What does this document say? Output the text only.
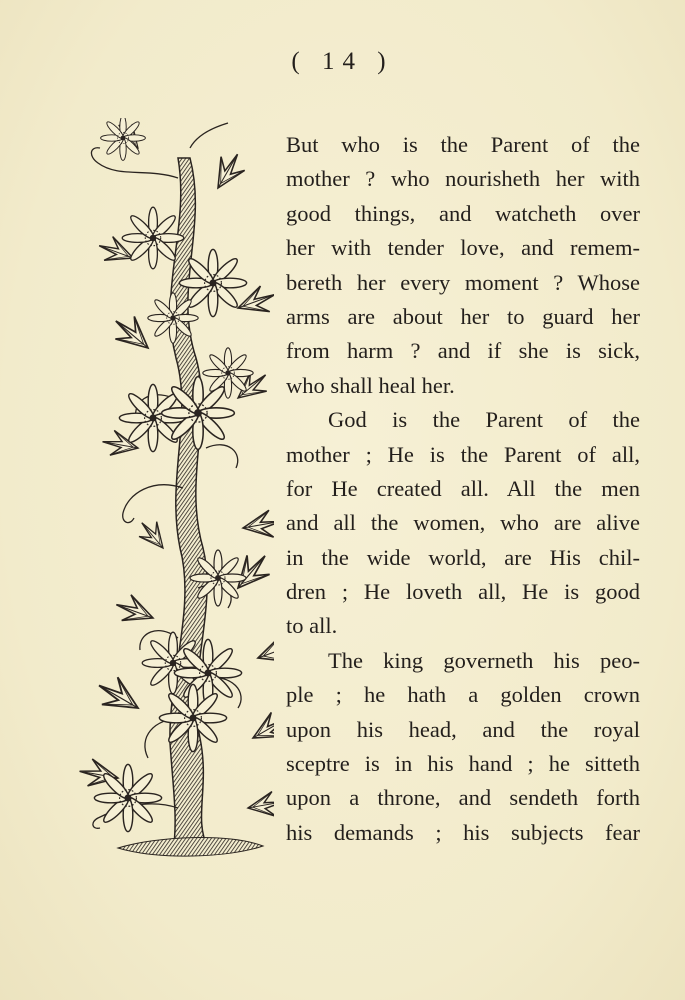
( 14 )

But who is the Parent of the
mother ? who nourisheth her with
good things, and watcheth over
her with tender love, and remem-
bereth her every moment ? Whose
arms are about her to guard her
from harm ? and if she is sick,
who shall heal her.

God is the Parent of the
mother ; He is the Parent of all,
for He created all. All the men
and all the women, who are alive
in the wide world, are His chil-
dren ; He loveth all, He is good
to all.

The king governeth his peo-
ple ; he hath a golden crown
upon his head, and the royal
sceptre is in his hand ; he sitteth
upon a throne, and sendeth forth
his demands ; his subjects fear
